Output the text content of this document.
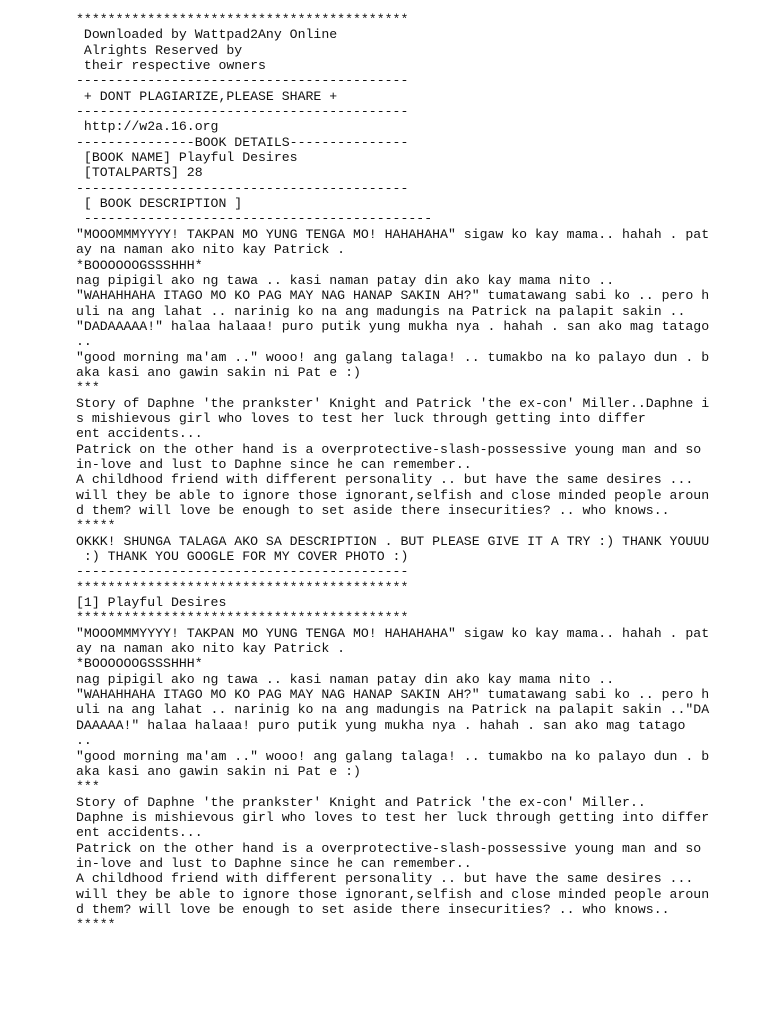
******************************************
Downloaded by Wattpad2Any Online
Alrights Reserved by
their respective owners
------------------------------------------
+ DONT PLAGIARIZE,PLEASE SHARE +
------------------------------------------
http://w2a.16.org
---------------BOOK DETAILS---------------
[BOOK NAME] Playful Desires
[TOTALPARTS] 28
------------------------------------------
[ BOOK DESCRIPTION ]
--------------------------------------------
"MOOOMMMYYYY! TAKPAN MO YUNG TENGA MO! HAHAHAHA" sigaw ko kay mama.. hahah . pat
ay na naman ako nito kay Patrick .
*BOOOOOOGSSSHHH*
nag pipigil ako ng tawa .. kasi naman patay din ako kay mama nito ..
"WAHAHHAHA ITAGO MO KO PAG MAY NAG HANAP SAKIN AH?" tumatawang sabi ko .. pero h
uli na ang lahat .. narinig ko na ang madungis na Patrick na palapit sakin ..
"DADAAAAA!" halaa halaaa! puro putik yung mukha nya . hahah . san ako mag tatago
..
"good morning ma'am .." wooo! ang galang talaga! .. tumakbo na ko palayo dun . b
aka kasi ano gawin sakin ni Pat e :)
***
Story of Daphne 'the prankster' Knight and Patrick 'the ex-con' Miller..Daphne i
s mishievous girl who loves to test her luck through getting into differ
ent accidents...
Patrick on the other hand is a overprotective-slash-possessive young man and so
in-love and lust to Daphne since he can remember..
A childhood friend with different personality .. but have the same desires ...
will they be able to ignore those ignorant,selfish and close minded people aroun
d them? will love be enough to set aside there insecurities? .. who knows..
*****
OKKK! SHUNGA TALAGA AKO SA DESCRIPTION . BUT PLEASE GIVE IT A TRY :) THANK YOUUU
:) THANK YOU GOOGLE FOR MY COVER PHOTO :)
------------------------------------------
******************************************
[1] Playful Desires
******************************************
"MOOOMMMYYYY! TAKPAN MO YUNG TENGA MO! HAHAHAHA" sigaw ko kay mama.. hahah . pat
ay na naman ako nito kay Patrick .
*BOOOOOOGSSSHHH*
nag pipigil ako ng tawa .. kasi naman patay din ako kay mama nito ..
"WAHAHHAHA ITAGO MO KO PAG MAY NAG HANAP SAKIN AH?" tumatawang sabi ko .. pero h
uli na ang lahat .. narinig ko na ang madungis na Patrick na palapit sakin .."DA
DAAAAA!" halaa halaaa! puro putik yung mukha nya . hahah . san ako mag tatago
..
"good morning ma'am .." wooo! ang galang talaga! .. tumakbo na ko palayo dun . b
aka kasi ano gawin sakin ni Pat e :)
***
Story of Daphne 'the prankster' Knight and Patrick 'the ex-con' Miller..
Daphne is mishievous girl who loves to test her luck through getting into differ
ent accidents...
Patrick on the other hand is a overprotective-slash-possessive young man and so
in-love and lust to Daphne since he can remember..
A childhood friend with different personality .. but have the same desires ...
will they be able to ignore those ignorant,selfish and close minded people aroun
d them? will love be enough to set aside there insecurities? .. who knows..
*****
